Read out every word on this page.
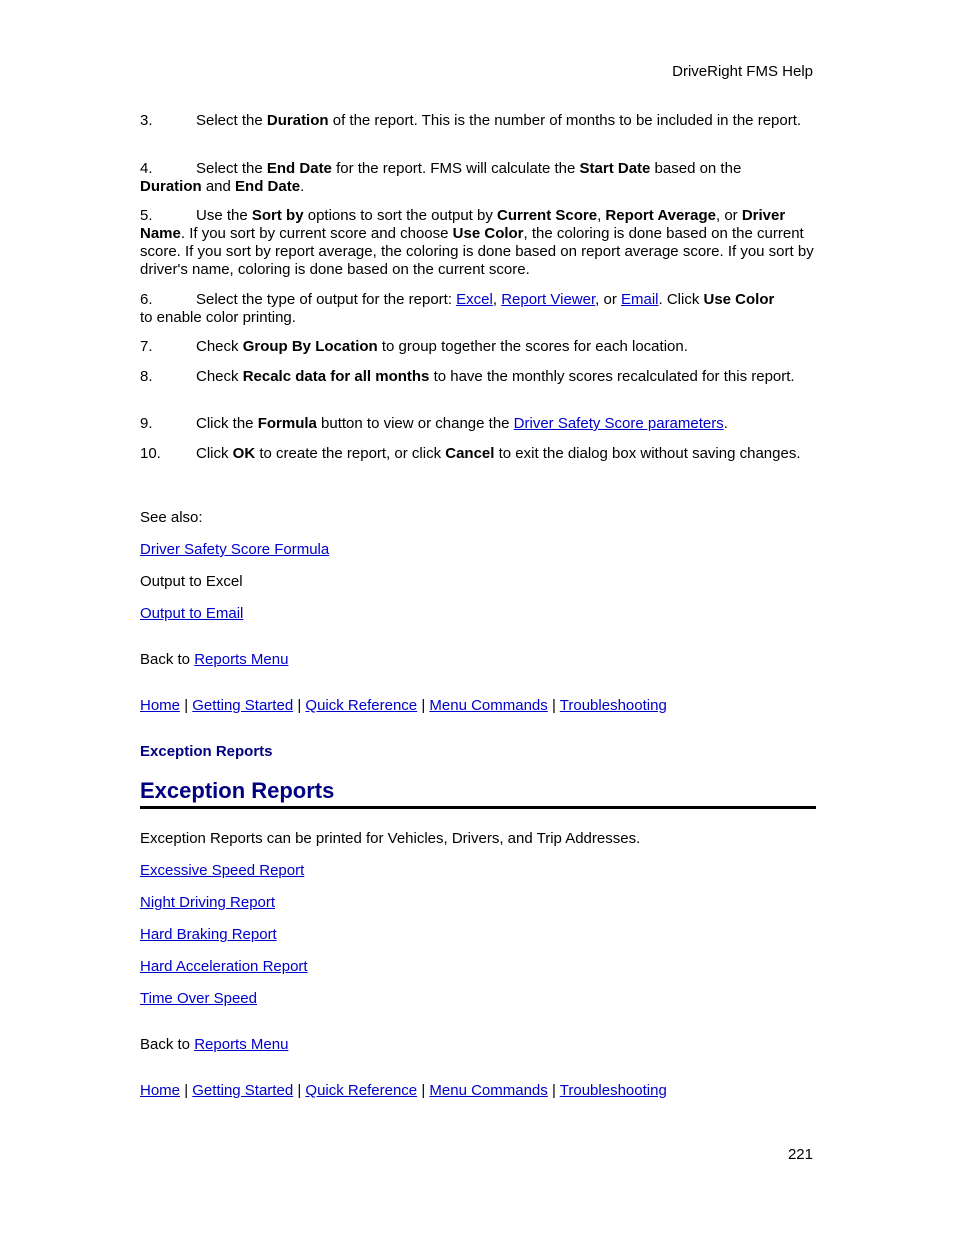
DriveRight FMS Help
3.	Select the Duration of the report. This is the number of months to be included in the report.
4.	Select the End Date for the report. FMS will calculate the Start Date based on the
Duration and End Date.
5.	Use the Sort by options to sort the output by Current Score, Report Average, or Driver Name. If you sort by current score and choose Use Color, the coloring is done based on the current score. If you sort by report average, the coloring is done based on report average score. If you sort by driver's name, coloring is done based on the current score.
6.	Select the type of output for the report: Excel, Report Viewer, or Email. Click Use Color
to enable color printing.
7.	Check Group By Location to group together the scores for each location.
8.	Check Recalc data for all months to have the monthly scores recalculated for this report.
9.	Click the Formula button to view or change the Driver Safety Score parameters.
10. Click OK to create the report, or click Cancel to exit the dialog box without saving changes.
See also:
Driver Safety Score Formula
Output to Excel
Output to Email
Back to Reports Menu
Home | Getting Started | Quick Reference | Menu Commands | Troubleshooting
Exception Reports
Exception Reports
Exception Reports can be printed for Vehicles, Drivers, and Trip Addresses.
Excessive Speed Report
Night Driving Report
Hard Braking Report
Hard Acceleration Report
Time Over Speed
Back to Reports Menu
Home | Getting Started | Quick Reference | Menu Commands | Troubleshooting
221
